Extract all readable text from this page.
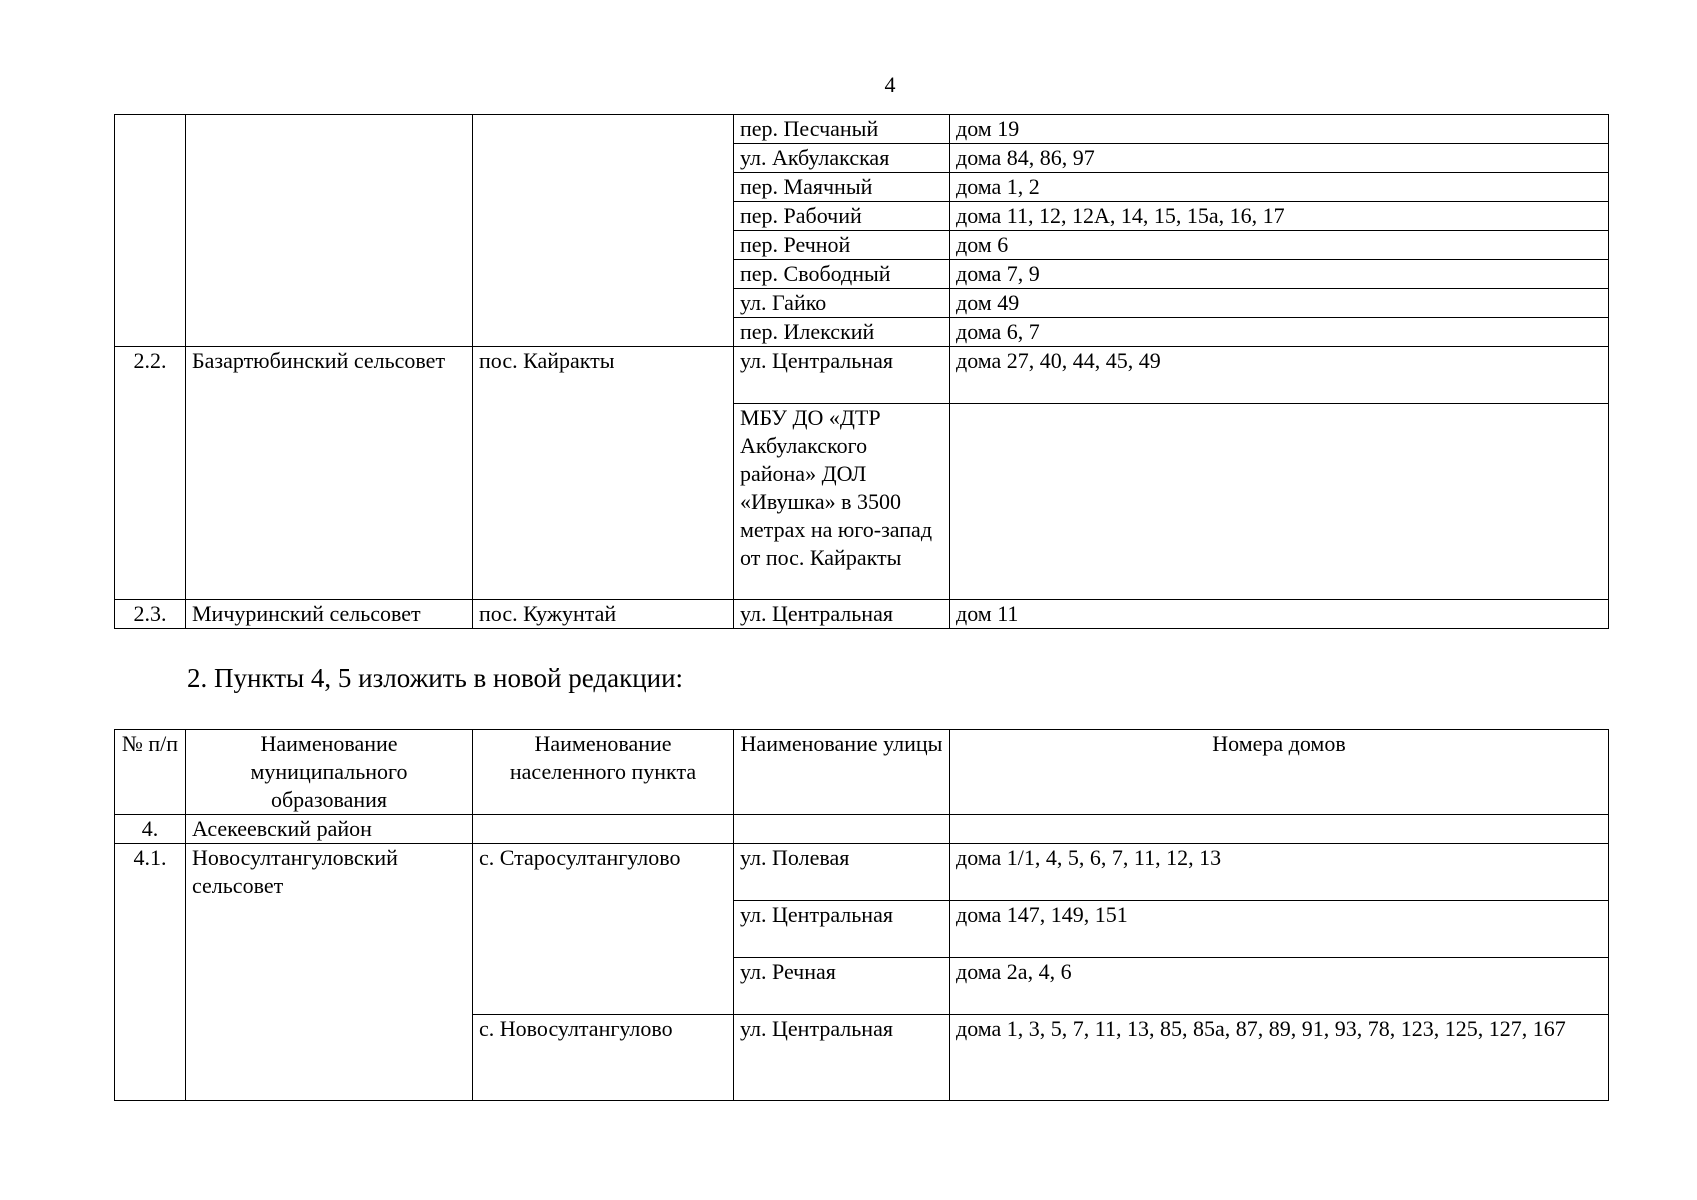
4
			пер. Песчаный	дом 19
			ул. Акбулакская	дома 84, 86, 97
			пер. Маячный	дома 1, 2
			пер. Рабочий	дома 11, 12, 12А, 14, 15, 15а, 16, 17
			пер. Речной	дом 6
			пер. Свободный	дома 7, 9
			ул. Гайко	дом 49
			пер. Илекский	дома 6, 7
2.2.	Базартюбинский сельсовет	пос. Кайракты	ул. Центральная	дома 27, 40, 44, 45, 49
			МБУ ДО «ДТР Акбулакского района» ДОЛ «Ивушка» в 3500 метрах на юго-запад от пос. Кайракты	
2.3.	Мичуринский сельсовет	пос. Кужунтай	ул. Центральная	дом 11
2. Пункты 4, 5 изложить в новой редакции:
№ п/п	Наименование муниципального образования	Наименование населенного пункта	Наименование улицы	Номера домов
4.	Асекеевский район			
4.1.	Новосултангуловский сельсовет	с. Старосултангулово	ул. Полевая	дома 1/1, 4, 5, 6, 7, 11, 12, 13
			ул. Центральная	дома 147, 149, 151
			ул. Речная	дома 2а, 4, 6
		с. Новосултангулово	ул. Центральная	дома 1, 3, 5, 7, 11, 13, 85, 85а, 87, 89, 91, 93, 78, 123, 125, 127, 167
